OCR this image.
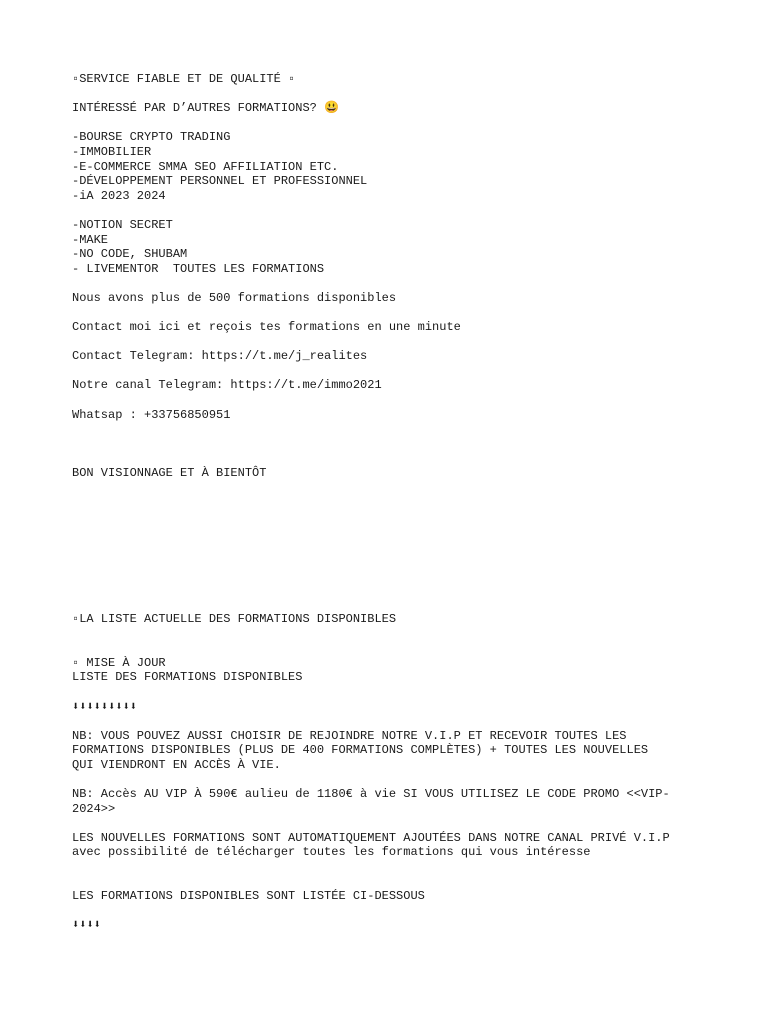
▫SERVICE FIABLE ET DE QUALITÉ ▫
INTÉRESSÉ PAR D’AUTRES FORMATIONS? 😃
-BOURSE CRYPTO TRADING
-IMMOBILIER
-E-COMMERCE SMMA SEO AFFILIATION ETC.
-DÉVELOPPEMENT PERSONNEL ET PROFESSIONNEL
-iA 2023 2024
-NOTION SECRET
-MAKE
-NO CODE, SHUBAM
- LIVEMENTOR  TOUTES LES FORMATIONS
Nous avons plus de 500 formations disponibles
Contact moi ici et reçois tes formations en une minute
Contact Telegram: https://t.me/j_realites
Notre canal Telegram: https://t.me/immo2021
Whatsap : +33756850951
BON VISIONNAGE ET À BIENTÔT
▫LA LISTE ACTUELLE DES FORMATIONS DISPONIBLES
▫ MISE À JOUR
LISTE DES FORMATIONS DISPONIBLES
⬇⬇⬇⬇⬇⬇⬇⬇⬇
NB: VOUS POUVEZ AUSSI CHOISIR DE REJOINDRE NOTRE V.I.P ET RECEVOIR TOUTES LES
FORMATIONS DISPONIBLES (PLUS DE 400 FORMATIONS COMPLÈTES) + TOUTES LES NOUVELLES
QUI VIENDRONT EN ACCÈS À VIE.
NB: Accès AU VIP À 590€ aulieu de 1180€ à vie SI VOUS UTILISEZ LE CODE PROMO <<VIP-
2024>>
LES NOUVELLES FORMATIONS SONT AUTOMATIQUEMENT AJOUTÉES DANS NOTRE CANAL PRIVÉ V.I.P
avec possibilité de télécharger toutes les formations qui vous intéresse
LES FORMATIONS DISPONIBLES SONT LISTÉE CI-DESSOUS
⬇⬇⬇⬇
